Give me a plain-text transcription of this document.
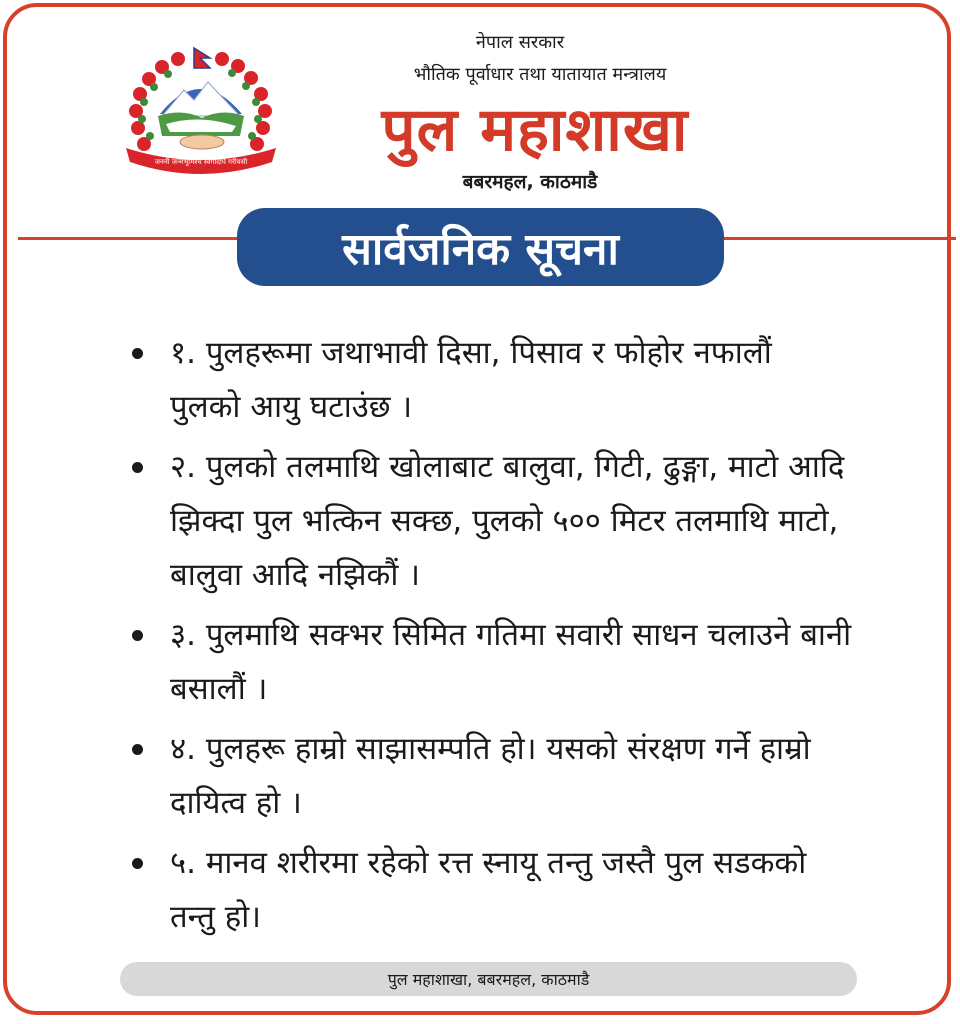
जननी जन्मभूमिश्च स्वर्गादपि गरीयसी
नेपाल सरकार
भौतिक पूर्वाधार तथा यातायात मन्त्रालय
पुल महाशाखा
बबरमहल, काठमाडै
सार्वजनिक सूचना
१. पुलहरूमा जथाभावी दिसा, पिसाव र फोहोर नफालौं पुलको आयु घटाउंछ ।
२. पुलको तलमाथि खोलाबाट बालुवा, गिटी, ढुङ्गा, माटो आदि झिक्दा पुल भत्किन सक्छ, पुलको ५०० मिटर तलमाथि माटो, बालुवा आदि नझिकौं ।
३. पुलमाथि सक्भर सिमित गतिमा सवारी साधन चलाउने बानी बसालौं ।
४. पुलहरू हाम्रो साझासम्पति हो। यसको संरक्षण गर्ने हाम्रो दायित्व हो ।
५. मानव शरीरमा रहेको रत्त स्नायू तन्तु जस्तै पुल सडकको तन्तु हो।
पुल महाशाखा, बबरमहल, काठमाडै
